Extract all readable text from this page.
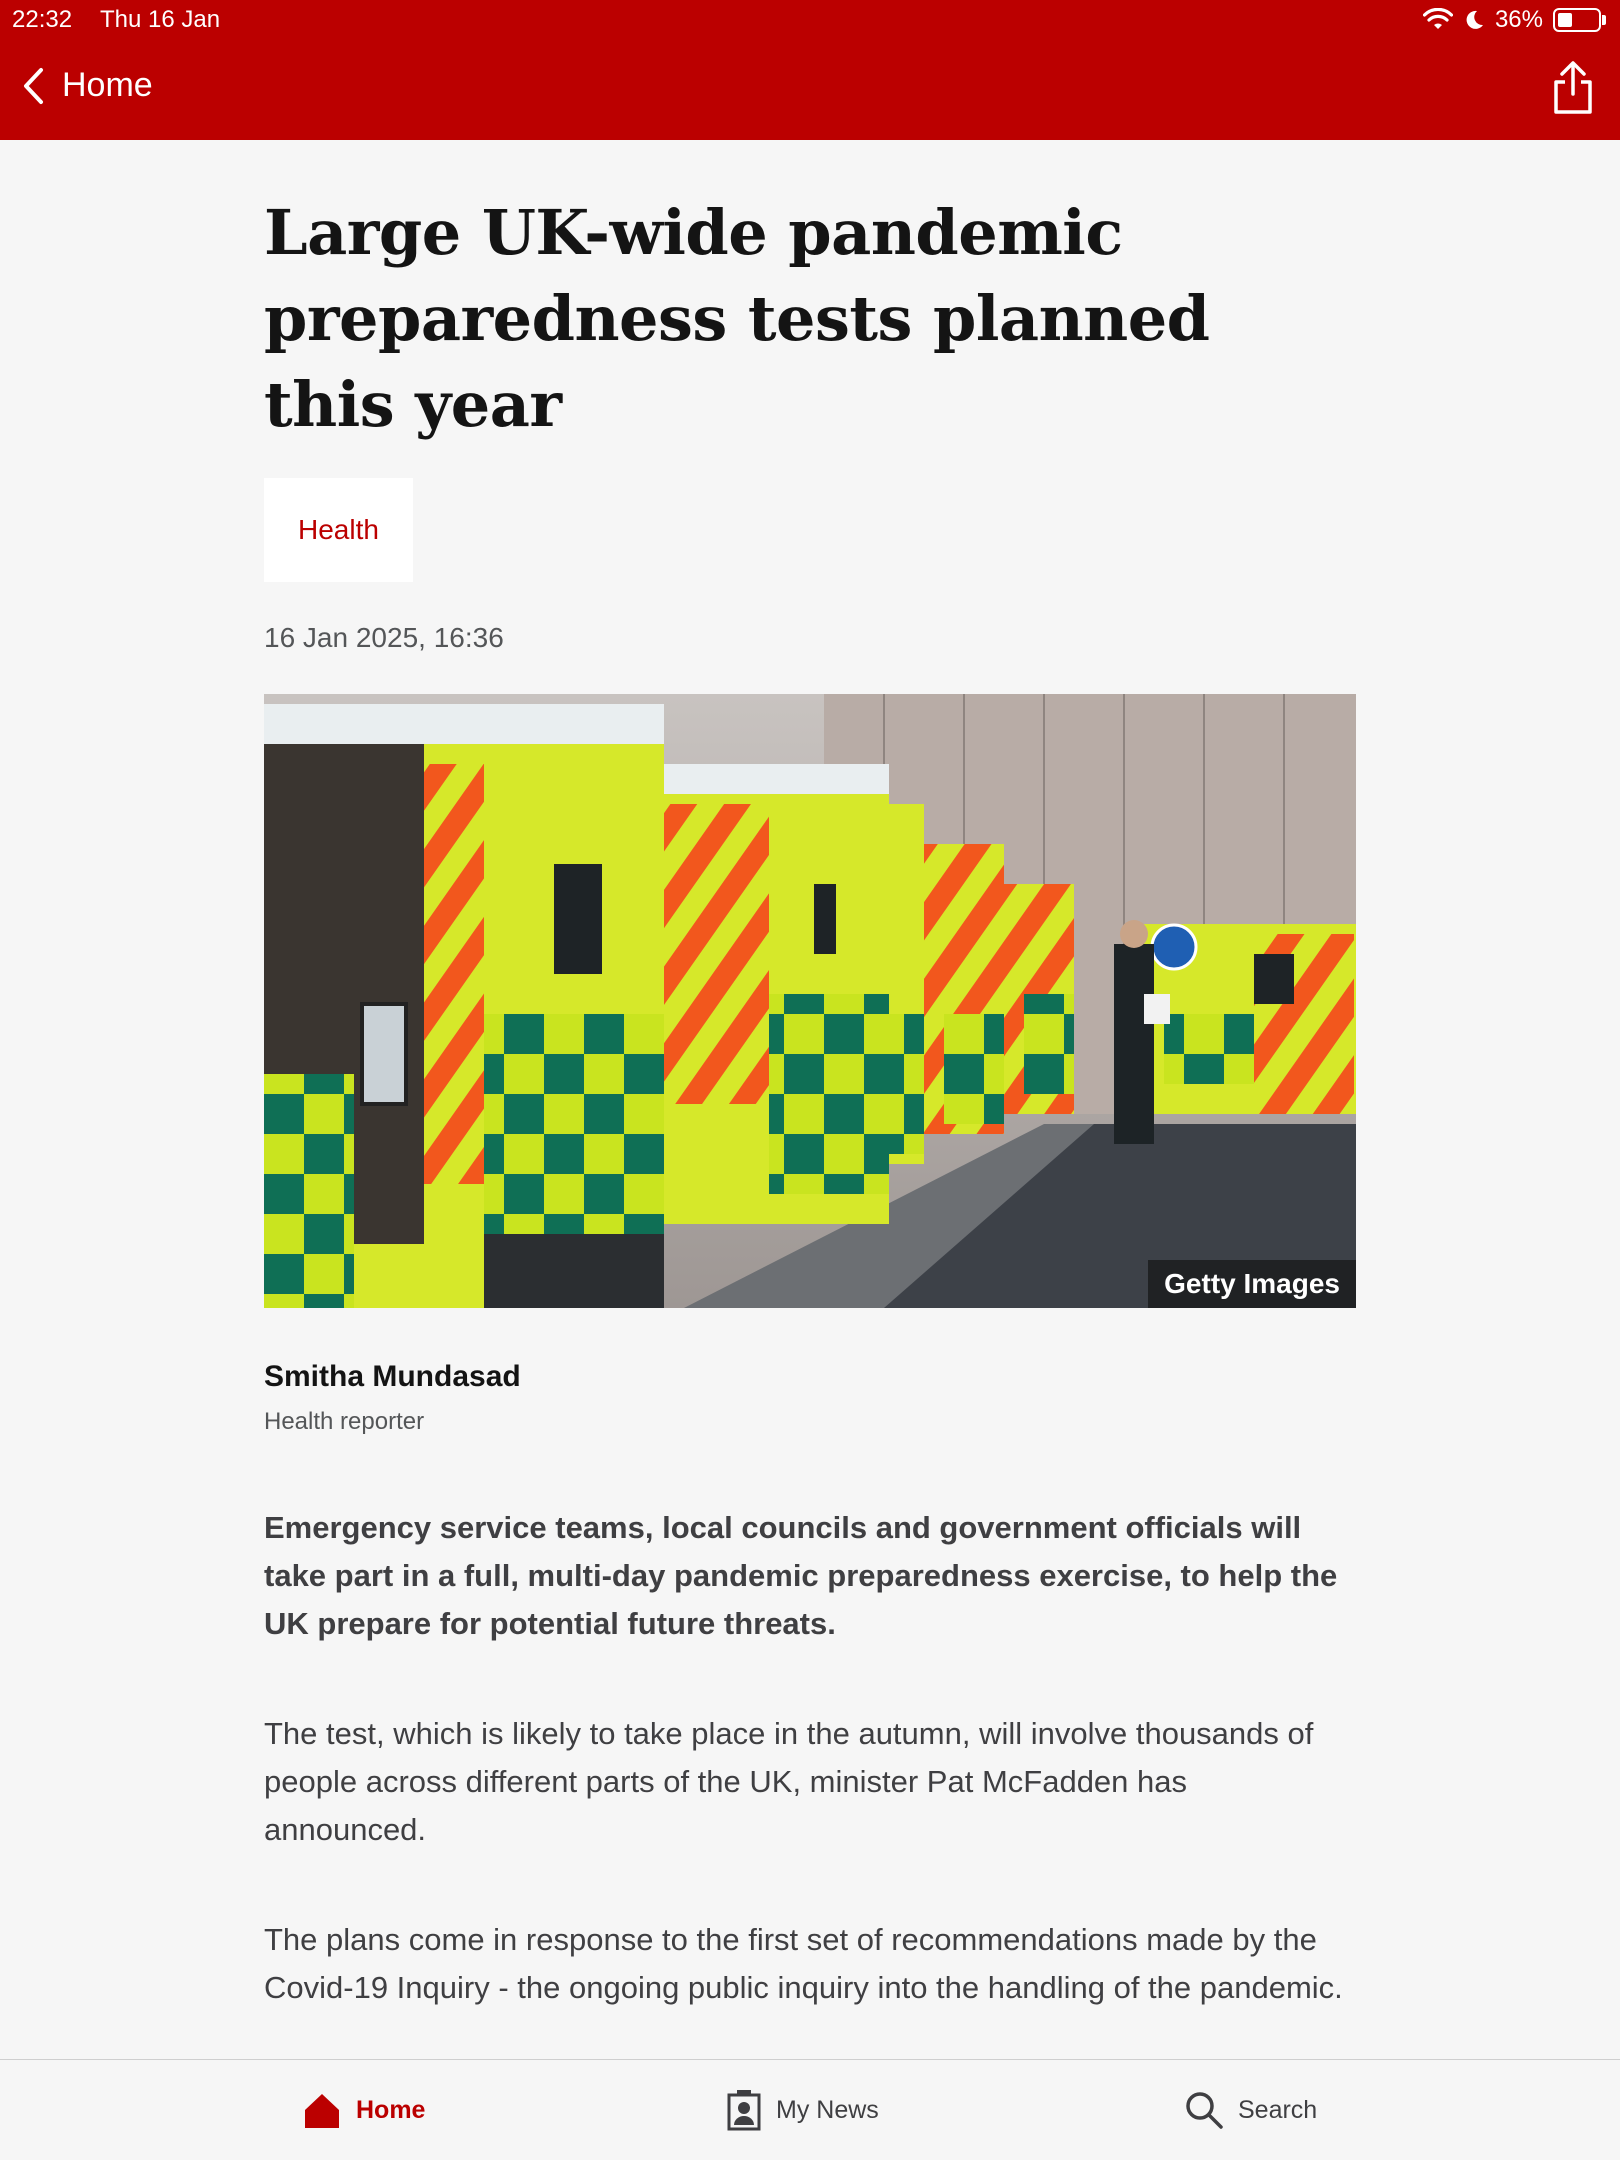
22:32 Thu 16 Jan	36%
Home
Large UK-wide pandemic preparedness tests planned this year
Health
16 Jan 2025, 16:36
Getty Images
Smitha Mundasad
Health reporter

Emergency service teams, local councils and government officials will take part in a full, multi-day pandemic preparedness exercise, to help the UK prepare for potential future threats.

The test, which is likely to take place in the autumn, will involve thousands of people across different parts of the UK, minister Pat McFadden has announced.

The plans come in response to the first set of recommendations made by the Covid-19 Inquiry - the ongoing public inquiry into the handling of the pandemic.

Home	My News	Search
